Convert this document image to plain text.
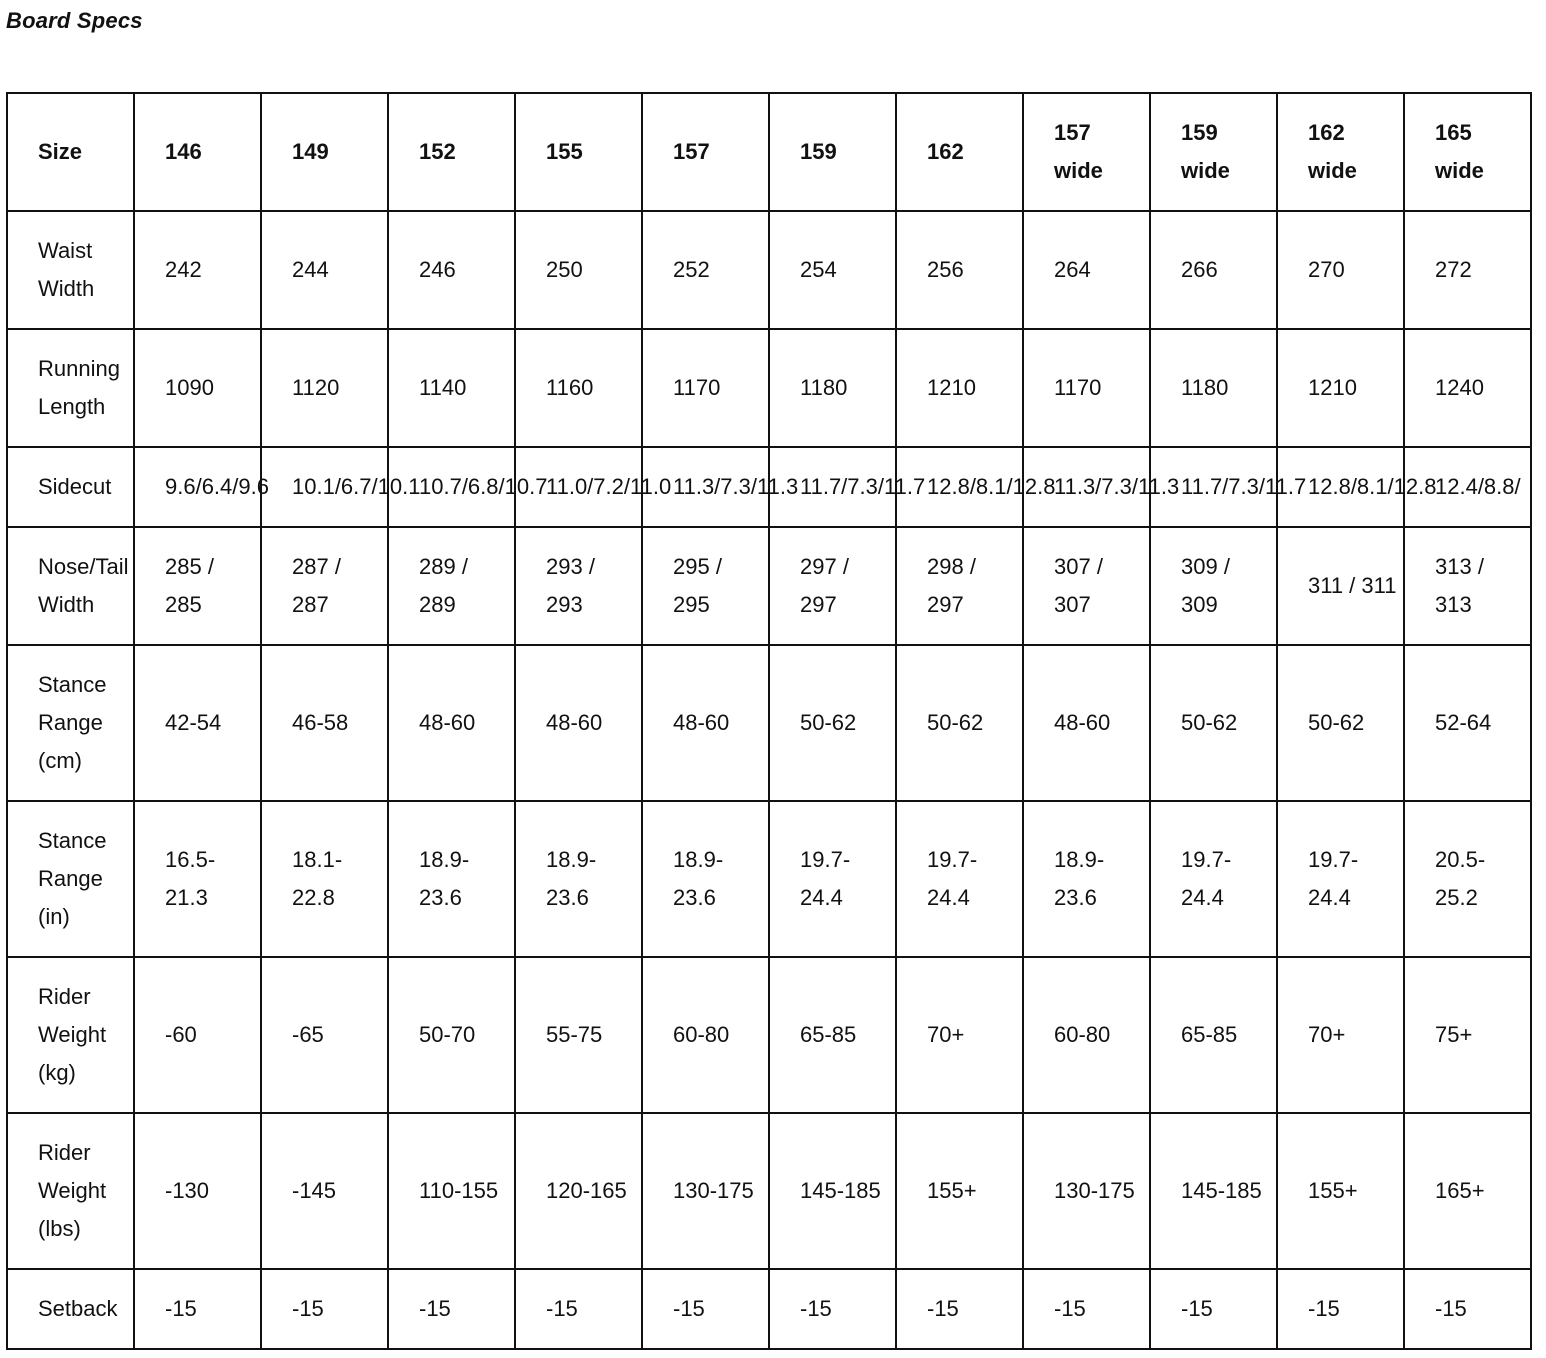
Board Specs
Size	146	149	152	155	157	159	162	157 wide	159 wide	162 wide	165 wide
Waist Width	242	244	246	250	252	254	256	264	266	270	272
Running Length	1090	1120	1140	1160	1170	1180	1210	1170	1180	1210	1240
Sidecut	9.6/6.4/9.6	10.1/6.7/10.1	10.7/6.8/10.7	11.0/7.2/11.0	11.3/7.3/11.3	11.7/7.3/11.7	12.8/8.1/12.8	11.3/7.3/11.3	11.7/7.3/11.7	12.8/8.1/12.8	12.4/8.8/
Nose/Tail Width	285 / 285	287 / 287	289 / 289	293 / 293	295 / 295	297 / 297	298 / 297	307 / 307	309 / 309	311 / 311	313 / 313
Stance Range (cm)	42-54	46-58	48-60	48-60	48-60	50-62	50-62	48-60	50-62	50-62	52-64
Stance Range (in)	16.5-21.3	18.1-22.8	18.9-23.6	18.9-23.6	18.9-23.6	19.7-24.4	19.7-24.4	18.9-23.6	19.7-24.4	19.7-24.4	20.5-25.2
Rider Weight (kg)	-60	-65	50-70	55-75	60-80	65-85	70+	60-80	65-85	70+	75+
Rider Weight (lbs)	-130	-145	110-155	120-165	130-175	145-185	155+	130-175	145-185	155+	165+
Setback	-15	-15	-15	-15	-15	-15	-15	-15	-15	-15	-15
